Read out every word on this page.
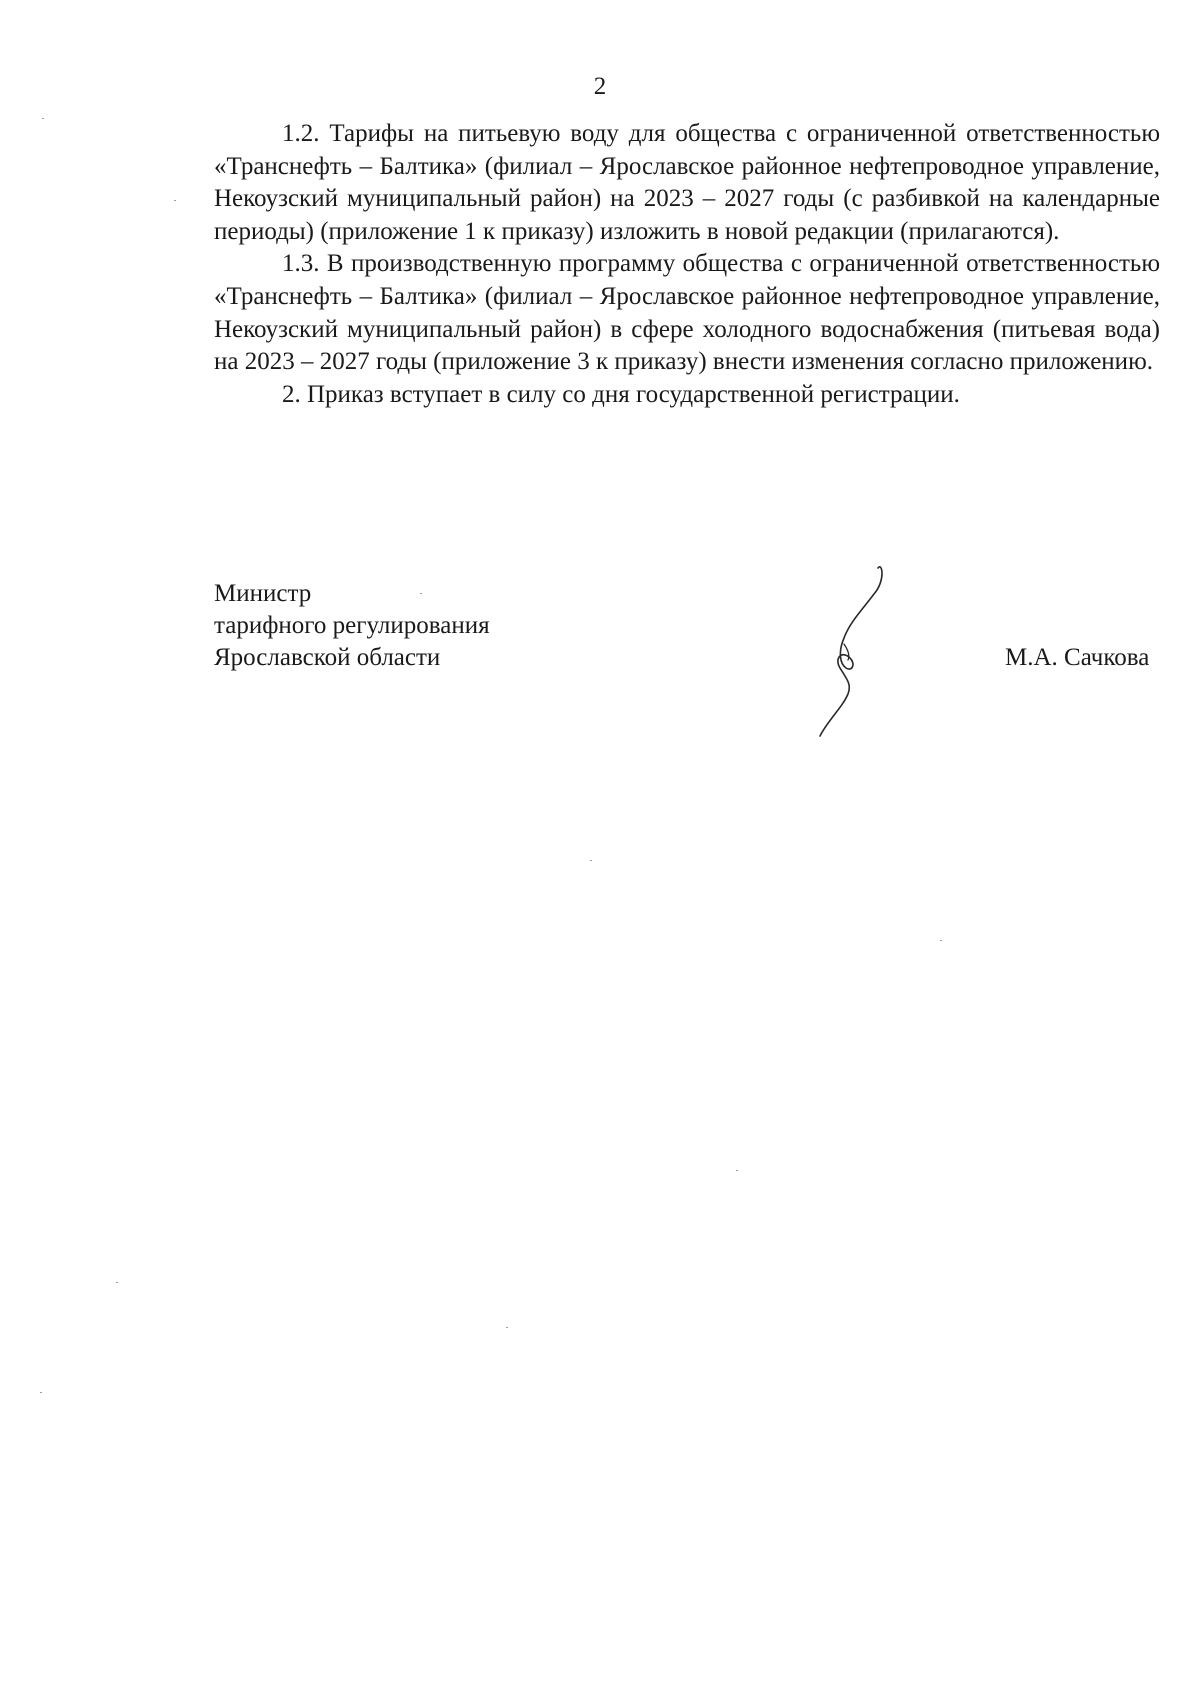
2

1.2. Тарифы на питьевую воду для общества с ограниченной ответственностью «Транснефть – Балтика» (филиал – Ярославское районное нефтепроводное управление, Некоузский муниципальный район) на 2023 – 2027 годы (с разбивкой на календарные периоды) (приложение 1 к приказу) изложить в новой редакции (прилагаются).

1.3. В производственную программу общества с ограниченной ответственностью «Транснефть – Балтика» (филиал – Ярославское районное нефтепроводное управление, Некоузский муниципальный район) в сфере холодного водоснабжения (питьевая вода) на 2023 – 2027 годы (приложение 3 к приказу) внести изменения согласно приложению.

2. Приказ вступает в силу со дня государственной регистрации.

Министр
тарифного регулирования
Ярославской области	М.А. Сачкова
